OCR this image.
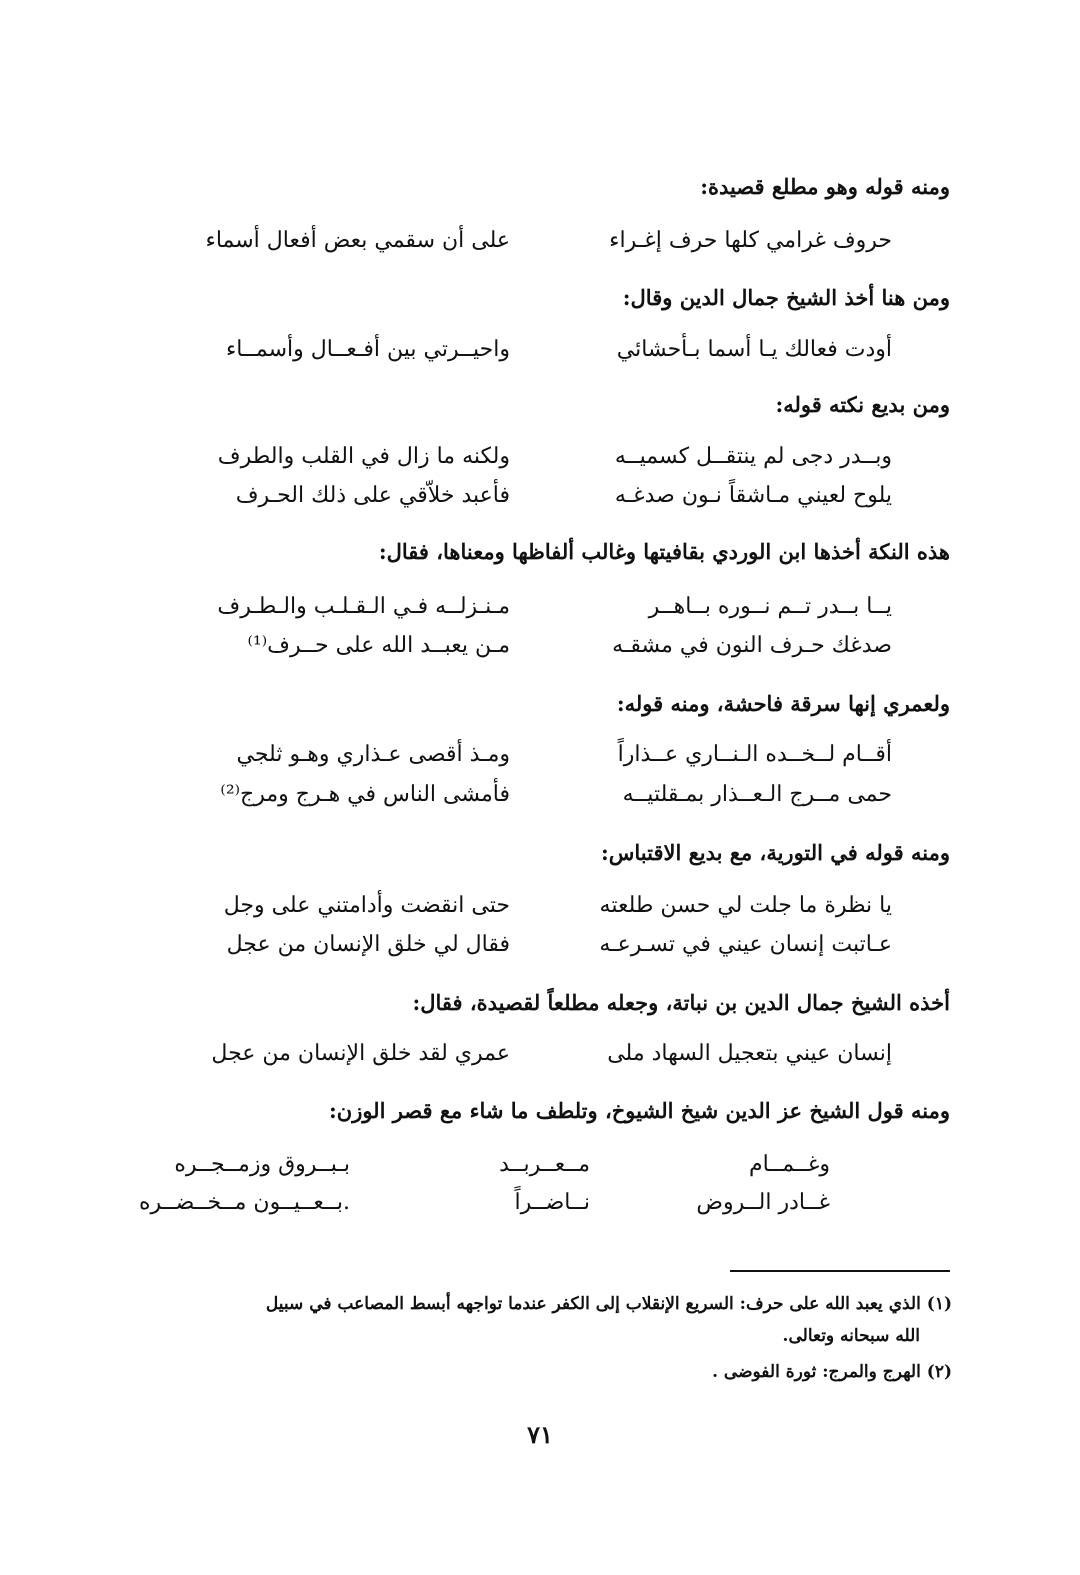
ومنه قوله وهو مطلع قصيدة:
حروف غرامي كلها حرف إغـراء
على أن سقمي بعض أفعال أسماء
ومن هنا أخذ الشيخ جمال الدين وقال:
أودت فعالك يـا أسما بـأحشائي
واحيــرتي بين أفـعــال وأسمــاء
ومن بديع نكته قوله:
وبــدر دجى لم ينتقــل كسميــه
ولكنه ما زال في القلب والطرف
يلوح لعيني مـاشقاً نـون صدغـه
فأعبد خلاّقي على ذلك الحـرف
هذه النكة أخذها ابن الوردي بقافيتها وغالب ألفاظها ومعناها، فقال:
يــا بــدر تــم نــوره بــاهــر
مـنـزلــه فـي الـقـلـب والـطـرف
صدغك حـرف النون في مشقـه
مـن يعبــد الله على حــرف⁽¹⁾
ولعمري إنها سرقة فاحشة، ومنه قوله:
أقــام لــخــده الـنــاري عــذاراً
ومـذ أقصى عـذاري وهـو ثلجي
حمى مــرج الـعــذار بمـقلتيــه
فأمشى الناس في هـرج ومرج⁽²⁾
ومنه قوله في التورية، مع بديع الاقتباس:
يا نظرة ما جلت لي حسن طلعته
حتى انقضت وأدامتني على وجل
عـاتبت إنسان عيني في تسـرعـه
فقال لي خلق الإنسان من عجل
أخذه الشيخ جمال الدين بن نباتة، وجعله مطلعاً لقصيدة، فقال:
إنسان عيني بتعجيل السهاد ملى
عمري لقد خلق الإنسان من عجل
ومنه قول الشيخ عز الدين شيخ الشيوخ، وتلطف ما شاء مع قصر الوزن:
وغــمــام
مــعــربــد
بـبــروق وزمــجــره
غــادر الــروض
نــاضــراً
.بــعــيــون مــخــضــره
(١) الذي يعبد الله على حرف: السريع الإنقلاب إلى الكفر عندما تواجهه أبسط المصاعب في سبيل
الله سبحانه وتعالى.
(٢) الهرج والمرج: ثورة الفوضى .
٧١
